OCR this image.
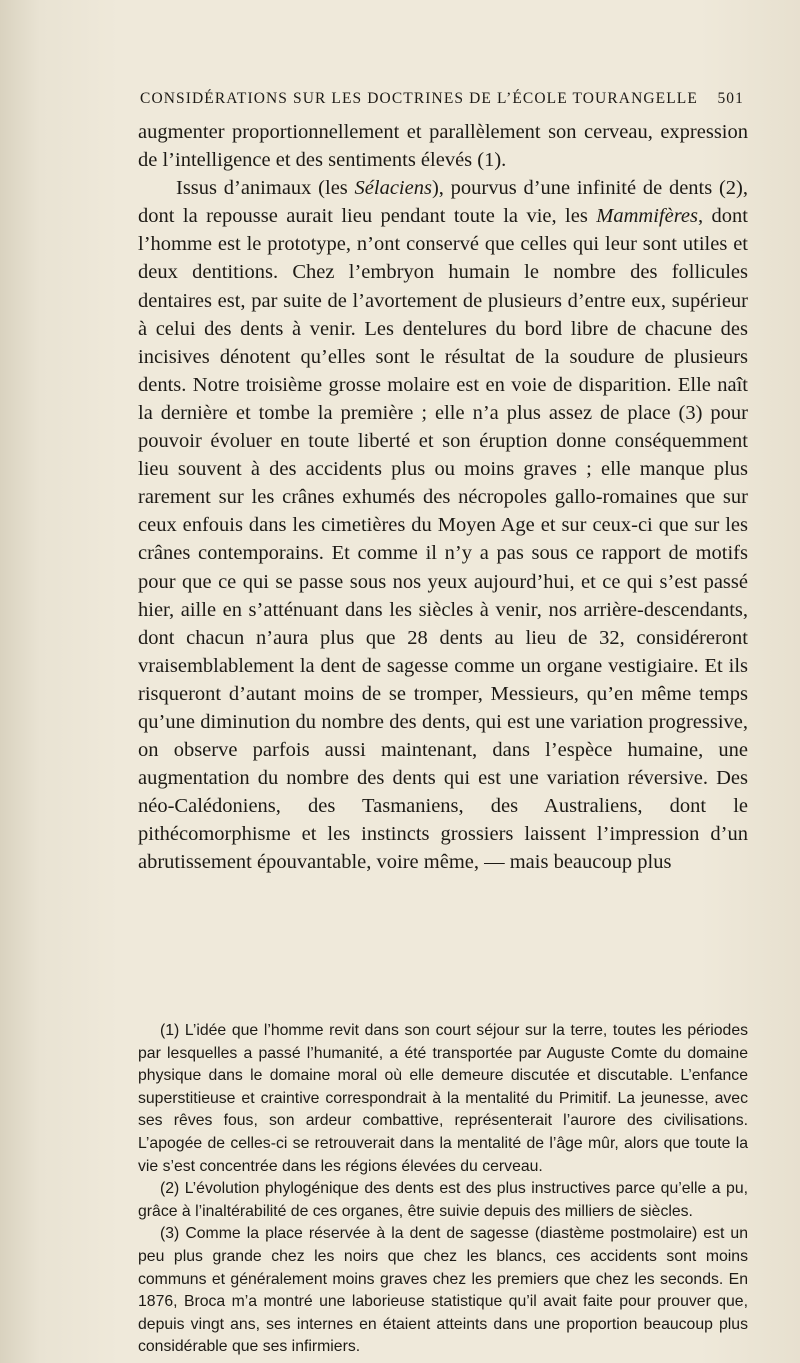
CONSIDÉRATIONS SUR LES DOCTRINES DE L’ÉCOLE TOURANGELLE 501

augmenter proportionnellement et parallèlement son cerveau, expression de l’intelligence et des sentiments élevés (1).

Issus d’animaux (les Sélaciens), pourvus d’une infinité de dents (2), dont la repousse aurait lieu pendant toute la vie, les Mammifères, dont l’homme est le prototype, n’ont conservé que celles qui leur sont utiles et deux dentitions. Chez l’embryon humain le nombre des follicules dentaires est, par suite de l’avortement de plusieurs d’entre eux, supérieur à celui des dents à venir. Les dentelures du bord libre de chacune des incisives dénotent qu’elles sont le résultat de la soudure de plusieurs dents. Notre troisième grosse molaire est en voie de disparition. Elle naît la dernière et tombe la première ; elle n’a plus assez de place (3) pour pouvoir évoluer en toute liberté et son éruption donne conséquemment lieu souvent à des accidents plus ou moins graves ; elle manque plus rarement sur les crânes exhumés des nécropoles gallo-romaines que sur ceux enfouis dans les cimetières du Moyen Age et sur ceux-ci que sur les crânes contemporains. Et comme il n’y a pas sous ce rapport de motifs pour que ce qui se passe sous nos yeux aujourd’hui, et ce qui s’est passé hier, aille en s’atténuant dans les siècles à venir, nos arrière-descendants, dont chacun n’aura plus que 28 dents au lieu de 32, considéreront vraisemblablement la dent de sagesse comme un organe vestigiaire. Et ils risqueront d’autant moins de se tromper, Messieurs, qu’en même temps qu’une diminution du nombre des dents, qui est une variation progressive, on observe parfois aussi maintenant, dans l’espèce humaine, une augmentation du nombre des dents qui est une variation réversive. Des néo-Calédoniens, des Tasmaniens, des Australiens, dont le pithécomorphisme et les instincts grossiers laissent l’impression d’un abrutissement épouvantable, voire même, — mais beaucoup plus

(1) L’idée que l’homme revit dans son court séjour sur la terre, toutes les périodes par lesquelles a passé l’humanité, a été transportée par Auguste Comte du domaine physique dans le domaine moral où elle demeure discutée et discutable. L’enfance superstitieuse et craintive correspondrait à la mentalité du Primitif. La jeunesse, avec ses rêves fous, son ardeur combattive, représenterait l’aurore des civilisations. L’apogée de celles-ci se retrouverait dans la mentalité de l’âge mûr, alors que toute la vie s’est concentrée dans les régions élevées du cerveau.

(2) L’évolution phylogénique des dents est des plus instructives parce qu’elle a pu, grâce à l’inaltérabilité de ces organes, être suivie depuis des milliers de siècles.

(3) Comme la place réservée à la dent de sagesse (diastème postmolaire) est un peu plus grande chez les noirs que chez les blancs, ces accidents sont moins communs et généralement moins graves chez les premiers que chez les seconds. En 1876, Broca m’a montré une laborieuse statistique qu’il avait faite pour prouver que, depuis vingt ans, ses internes en étaient atteints dans une proportion beaucoup plus considérable que ses infirmiers.
